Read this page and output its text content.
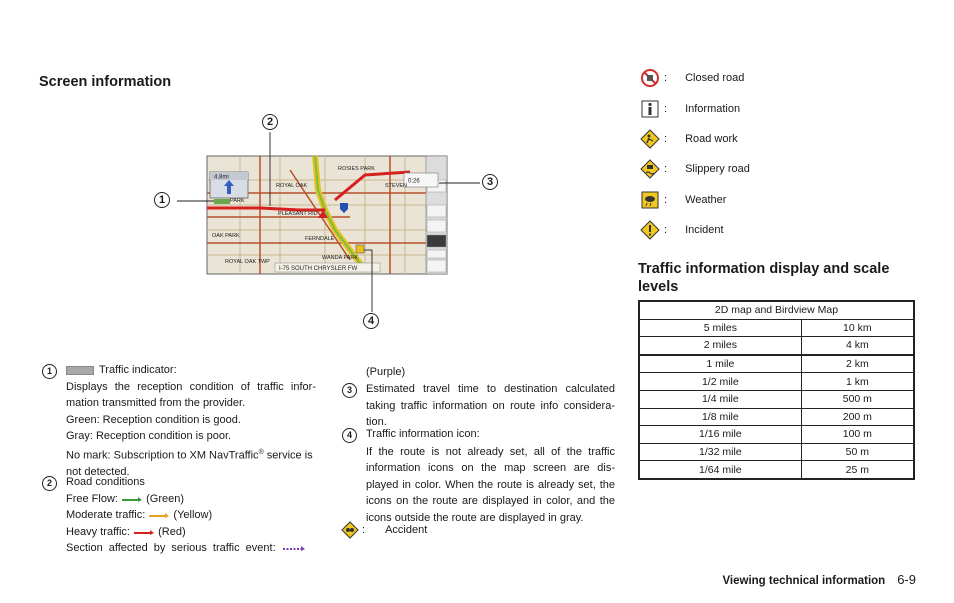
Screen information
4.8mi
0:26
ROSIES PARK
ROYAL OAK	STEVEN
PARK
PLEASANT RID
OAK PARK	FERNDALE
WANDA PARK
ROYAL OAK TWP
I-75 SOUTH CHRYSLER FW
1
2
3
4
1	Traffic indicator:
Displays the reception condition of traffic infor-mation transmitted from the provider.
Green: Reception condition is good.
Gray: Reception condition is poor.
No mark: Subscription to XM NavTraffic® service is not detected.
2	Road conditions
Free Flow:	(Green)
Moderate traffic:	(Yellow)
Heavy traffic:	(Red)
Section affected by serious traffic event:
(Purple)
3	Estimated travel time to destination calculated taking traffic information on route info considera-tion.
4	Traffic information icon:
If the route is not already set, all of the traffic information icons on the map screen are dis-played in color. When the route is already set, the icons on the route are displayed in color, and the icons outside the route are displayed in gray.
: Accident
: Closed road
: Information
: Road work
: Slippery road
: Weather
: Incident
Traffic information display and scale levels
2D map and Birdview Map	
5 miles	10 km
2 miles	4 km
1 mile	2 km
1/2 mile	1 km
1/4 mile	500 m
1/8 mile	200 m
1/16 mile	100 m
1/32 mile	50 m
1/64 mile	25 m
Viewing technical information 6-9
